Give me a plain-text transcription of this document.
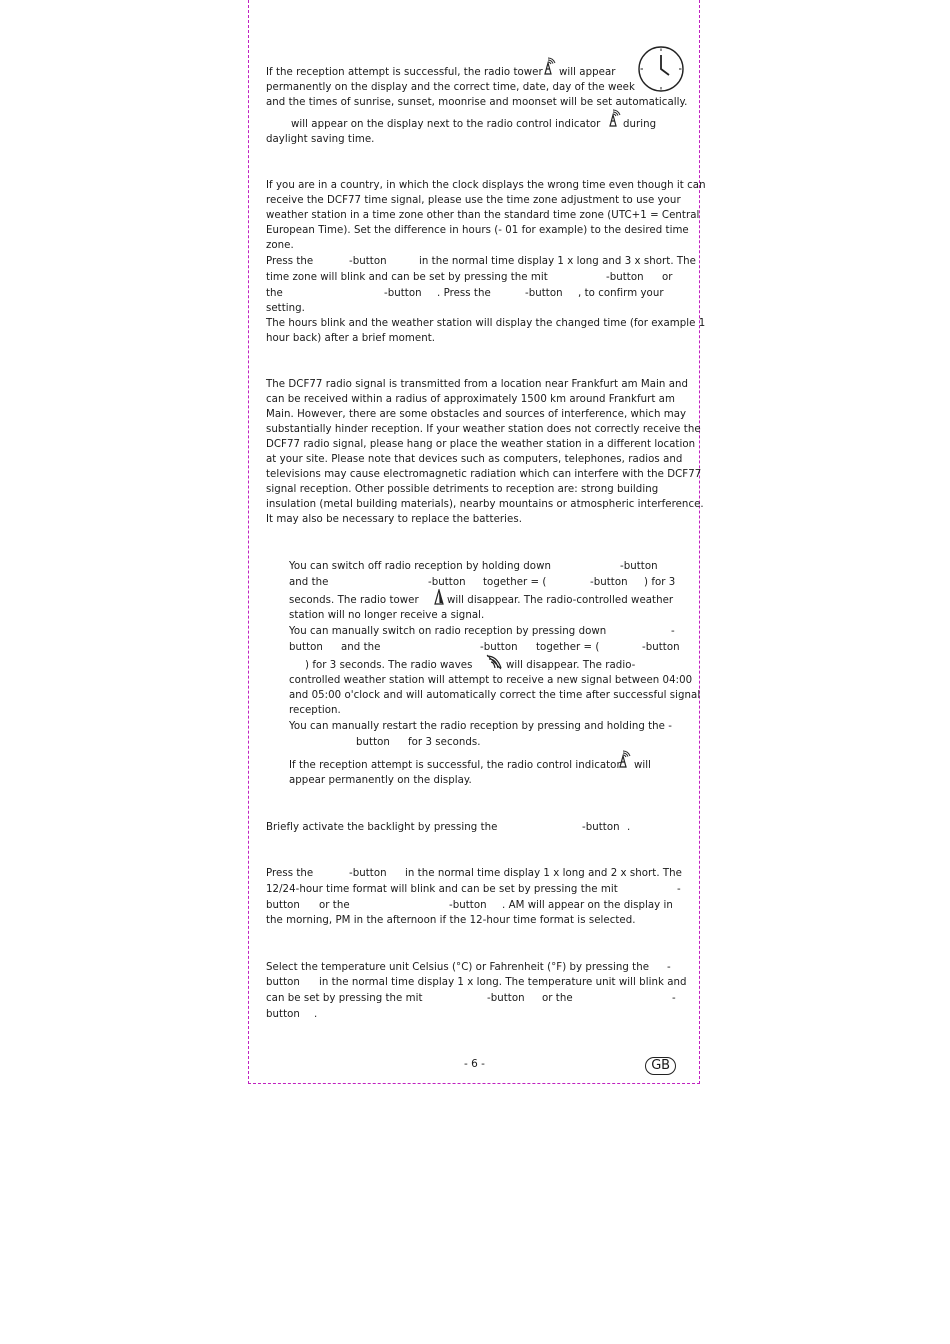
If the reception attempt is successful, the radio tower will appear
permanently on the display and the correct time, date, day of the week
and the times of sunrise, sunset, moonrise and moonset will be set automatically.
will appear on the display next to the radio control indicator during
daylight saving time.
If you are in a country, in which the clock displays the wrong time even though it can
receive the DCF77 time signal, please use the time zone adjustment to use your
weather station in a time zone other than the standard time zone (UTC+1 = Central
European Time). Set the difference in hours (- 01 for example) to the desired time
zone.
Press the	-button	in the normal time display 1 x long and 3 x short. The
time zone will blink and can be set by pressing the mit	-button or
the	-button . Press the	-button , to confirm your
setting.
The hours blink and the weather station will display the changed time (for example 1
hour back) after a brief moment.
The DCF77 radio signal is transmitted from a location near Frankfurt am Main and
can be received within a radius of approximately 1500 km around Frankfurt am
Main. However, there are some obstacles and sources of interference, which may
substantially hinder reception. If your weather station does not correctly receive the
DCF77 radio signal, please hang or place the weather station in a different location
at your site. Please note that devices such as computers, telephones, radios and
televisions may cause electromagnetic radiation which can interfere with the DCF77
signal reception. Other possible detriments to reception are: strong building
insulation (metal building materials), nearby mountains or atmospheric interference.
It may also be necessary to replace the batteries.
You can switch off radio reception by holding down	-button
and the	-button together = (	-button ) for 3
seconds. The radio tower	will disappear. The radio-controlled weather
station will no longer receive a signal.
You can manually switch on radio reception by pressing down	-
button and the	-button together = (	-button
) for 3 seconds. The radio waves	will disappear. The radio-
controlled weather station will attempt to receive a new signal between 04:00
and 05:00 o'clock and will automatically correct the time after successful signal
reception.
You can manually restart the radio reception by pressing and holding the -
button for 3 seconds.
If the reception attempt is successful, the radio control indicator will
appear permanently on the display.
Briefly activate the backlight by pressing the	-button .
Press the	-button in the normal time display 1 x long and 2 x short. The
12/24-hour time format will blink and can be set by pressing the mit	-
button or the	-button . AM will appear on the display in
the morning, PM in the afternoon if the 12-hour time format is selected.
Select the temperature unit Celsius (°C) or Fahrenheit (°F) by pressing the -
button in the normal time display 1 x long. The temperature unit will blink and
can be set by pressing the mit	-button or the	-
button .
- 6 -	GB
